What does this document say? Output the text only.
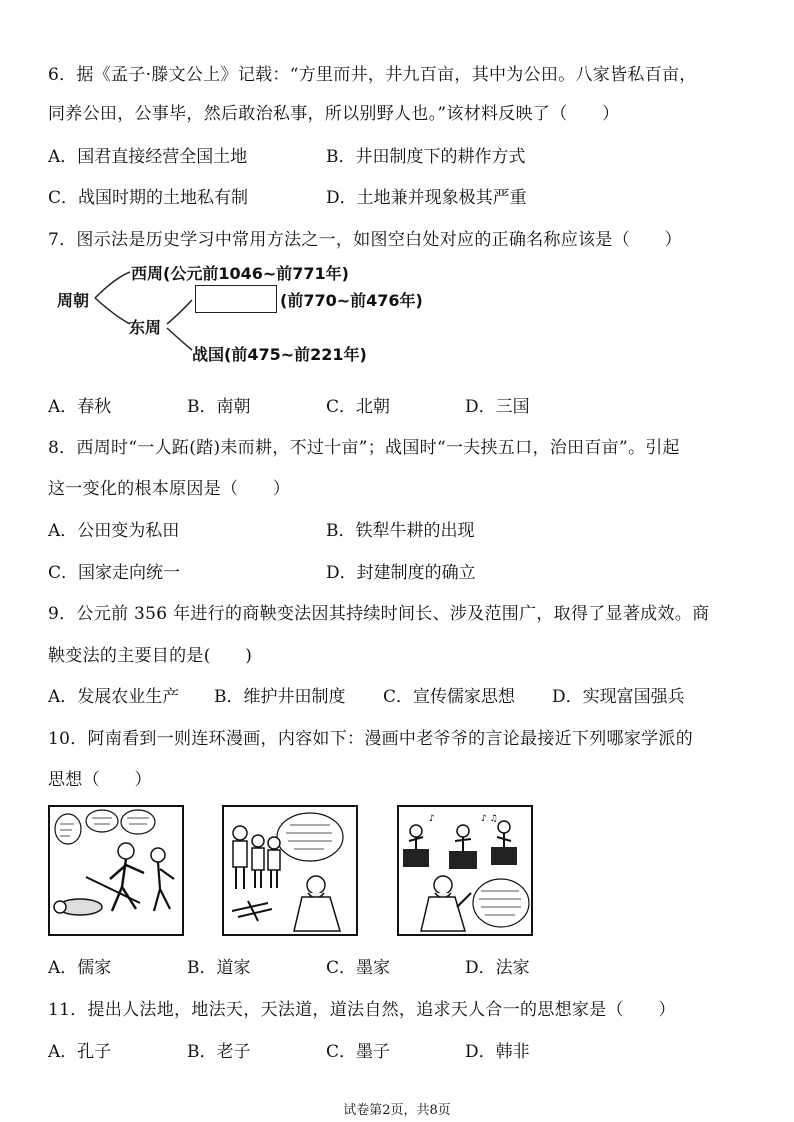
6．据《孟子·滕文公上》记载：“方里而井，井九百亩，其中为公田。八家皆私百亩，
同养公田，公事毕，然后敢治私事，所以别野人也。”该材料反映了（　　）
A．国君直接经营全国土地	B．井田制度下的耕作方式
C．战国时期的土地私有制	D．土地兼并现象极其严重
7．图示法是历史学习中常用方法之一，如图空白处对应的正确名称应该是（　　）
周朝
西周(公元前1046~前771年)
(前770~前476年)
东周
战国(前475~前221年)
A．春秋	B．南朝	C．北朝	D．三国
8．西周时“一人跖(踏)耒而耕，不过十亩”；战国时“一夫挟五口，治田百亩”。引起
这一变化的根本原因是（　　）
A．公田变为私田	B．铁犁牛耕的出现
C．国家走向统一	D．封建制度的确立
9．公元前 356 年进行的商鞅变法因其持续时间长、涉及范围广，取得了显著成效。商
鞅变法的主要目的是(　　)
A．发展农业生产 B．维护井田制度 C．宣传儒家思想 D．实现富国强兵
10．阿南看到一则连环漫画，内容如下：漫画中老爷爷的言论最接近下列哪家学派的
思想（　　）
♪ ♫
♪
A．儒家	B．道家	C．墨家	D．法家
11．提出人法地，地法天，天法道，道法自然，追求天人合一的思想家是（　　）
A．孔子	B．老子	C．墨子	D．韩非
试卷第2页，共8页
